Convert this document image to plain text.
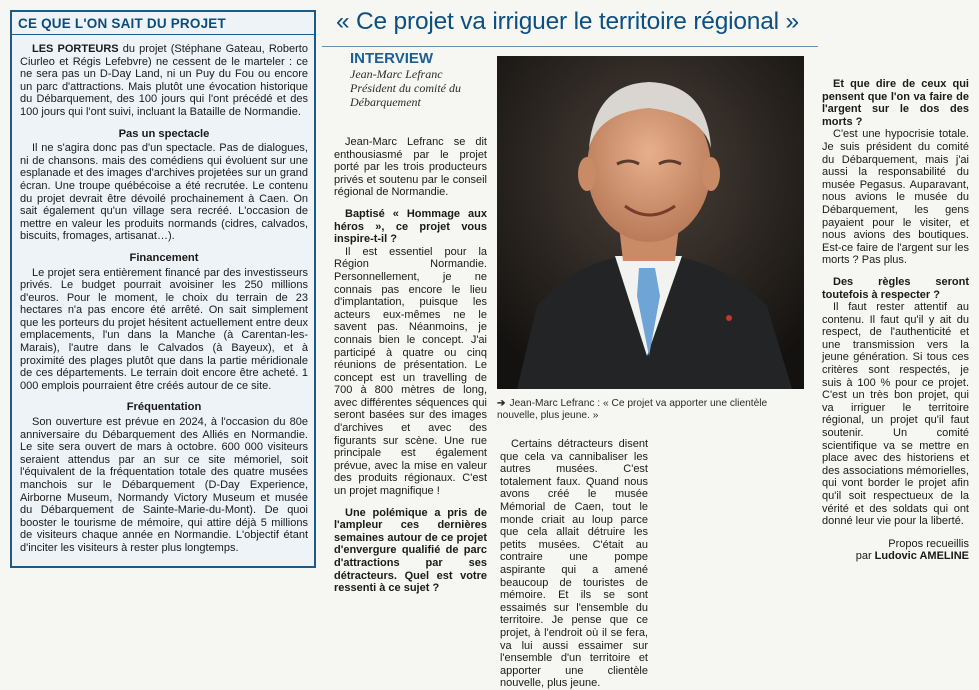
CE QUE L'ON SAIT DU PROJET

LES PORTEURS du projet (Stéphane Gateau, Roberto Ciurleo et Régis Lefebvre) ne cessent de le marteler : ce ne sera pas un D-Day Land, ni un Puy du Fou ou encore un parc d'attractions. Mais plutôt une évocation historique du Débarquement, des 100 jours qui l'ont précédé et des 100 jours qui l'ont suivi, incluant la Bataille de Normandie.

Pas un spectacle

Il ne s'agira donc pas d'un spectacle. Pas de dialogues, ni de chansons. mais des comédiens qui évoluent sur une esplanade et des images d'archives projetées sur un grand écran. Une troupe québécoise a été recrutée. Le contenu du projet devrait être dévoilé prochainement à Caen. On sait également qu'un village sera recréé. L'occasion de mettre en valeur les produits normands (cidres, calvados, biscuits, fromages, artisanat…).

Financement

Le projet sera entièrement financé par des investisseurs privés. Le budget pourrait avoisiner les 250 millions d'euros. Pour le moment, le choix du terrain de 23 hectares n'a pas encore été arrêté. On sait simplement que les porteurs du projet hésitent actuellement entre deux emplacements, l'un dans la Manche (à Carentan-les-Marais), l'autre dans le Calvados (à Bayeux), et à proximité des plages plutôt que dans la partie méridionale de ces départements. Le terrain doit encore être acheté. 1 000 emplois pourraient être créés autour de ce site.

Fréquentation

Son ouverture est prévue en 2024, à l'occasion du 80e anniversaire du Débarquement des Alliés en Normandie. Le site sera ouvert de mars à octobre. 600 000 visiteurs seraient attendus par an sur ce site mémoriel, soit l'équivalent de la fréquentation totale des quatre musées manchois sur le Débarquement (D-Day Experience, Airborne Museum, Normandy Victory Museum et musée du Débarquement de Sainte-Marie-du-Mont). De quoi booster le tourisme de mémoire, qui attire déjà 5 millions de visiteurs chaque année en Normandie. L'objectif étant d'inciter les visiteurs à rester plus longtemps.

« Ce projet va irriguer le territoire régional »
INTERVIEW
Jean-Marc Lefranc
Président du comité du Débarquement

Jean-Marc Lefranc se dit enthousiasmé par le projet porté par les trois producteurs privés et soutenu par le conseil régional de Normandie.

Baptisé « Hommage aux héros », ce projet vous inspire-t-il ?

Il est essentiel pour la Région Normandie. Personnellement, je ne connais pas encore le lieu d'implantation, puisque les acteurs eux-mêmes ne le savent pas. Néanmoins, je connais bien le concept. J'ai participé à quatre ou cinq réunions de présentation. Le concept est un travelling de 700 à 800 mètres de long, avec différentes séquences qui seront basées sur des images d'archives et avec des figurants sur scène. Une rue principale est également prévue, avec la mise en valeur des produits régionaux. C'est un projet magnifique !

Une polémique a pris de l'ampleur ces dernières semaines autour de ce projet d'envergure qualifié de parc d'attractions par ses détracteurs. Quel est votre ressenti à ce sujet ?

➔ Jean-Marc Lefranc : « Ce projet va apporter une clientèle nouvelle, plus jeune. »

Certains détracteurs disent que cela va cannibaliser les autres musées. C'est totalement faux. Quand nous avons créé le musée Mémorial de Caen, tout le monde criait au loup parce que cela allait détruire les petits musées. C'était au contraire une pompe aspirante qui a amené beaucoup de touristes de mémoire. Et ils se sont essaimés sur l'ensemble du territoire. Je pense que ce projet, à l'endroit où il se fera, va lui aussi essaimer sur l'ensemble d'un territoire et apporter une clientèle nouvelle, plus jeune.

Et que dire de ceux qui pensent que l'on va faire de l'argent sur le dos des morts ?

C'est une hypocrisie totale. Je suis président du comité du Débarquement, mais j'ai aussi la responsabilité du musée Pegasus. Auparavant, nous avions le musée du Débarquement, les gens payaient pour le visiter, et nous avions des boutiques. Est-ce faire de l'argent sur les morts ? Pas plus.

Des règles seront toutefois à respecter ?

Il faut rester attentif au contenu. Il faut qu'il y ait du respect, de l'authenticité et une transmission vers la jeune génération. Si tous ces critères sont respectés, je suis à 100 % pour ce projet. C'est un très bon projet, qui va irriguer le territoire régional, un projet qu'il faut soutenir. Un comité scientifique va se mettre en place avec des historiens et des associations mémorielles, qui vont border le projet afin qu'il soit respectueux de la vérité et des soldats qui ont donné leur vie pour la liberté.

Propos recueillis
par Ludovic AMELINE
